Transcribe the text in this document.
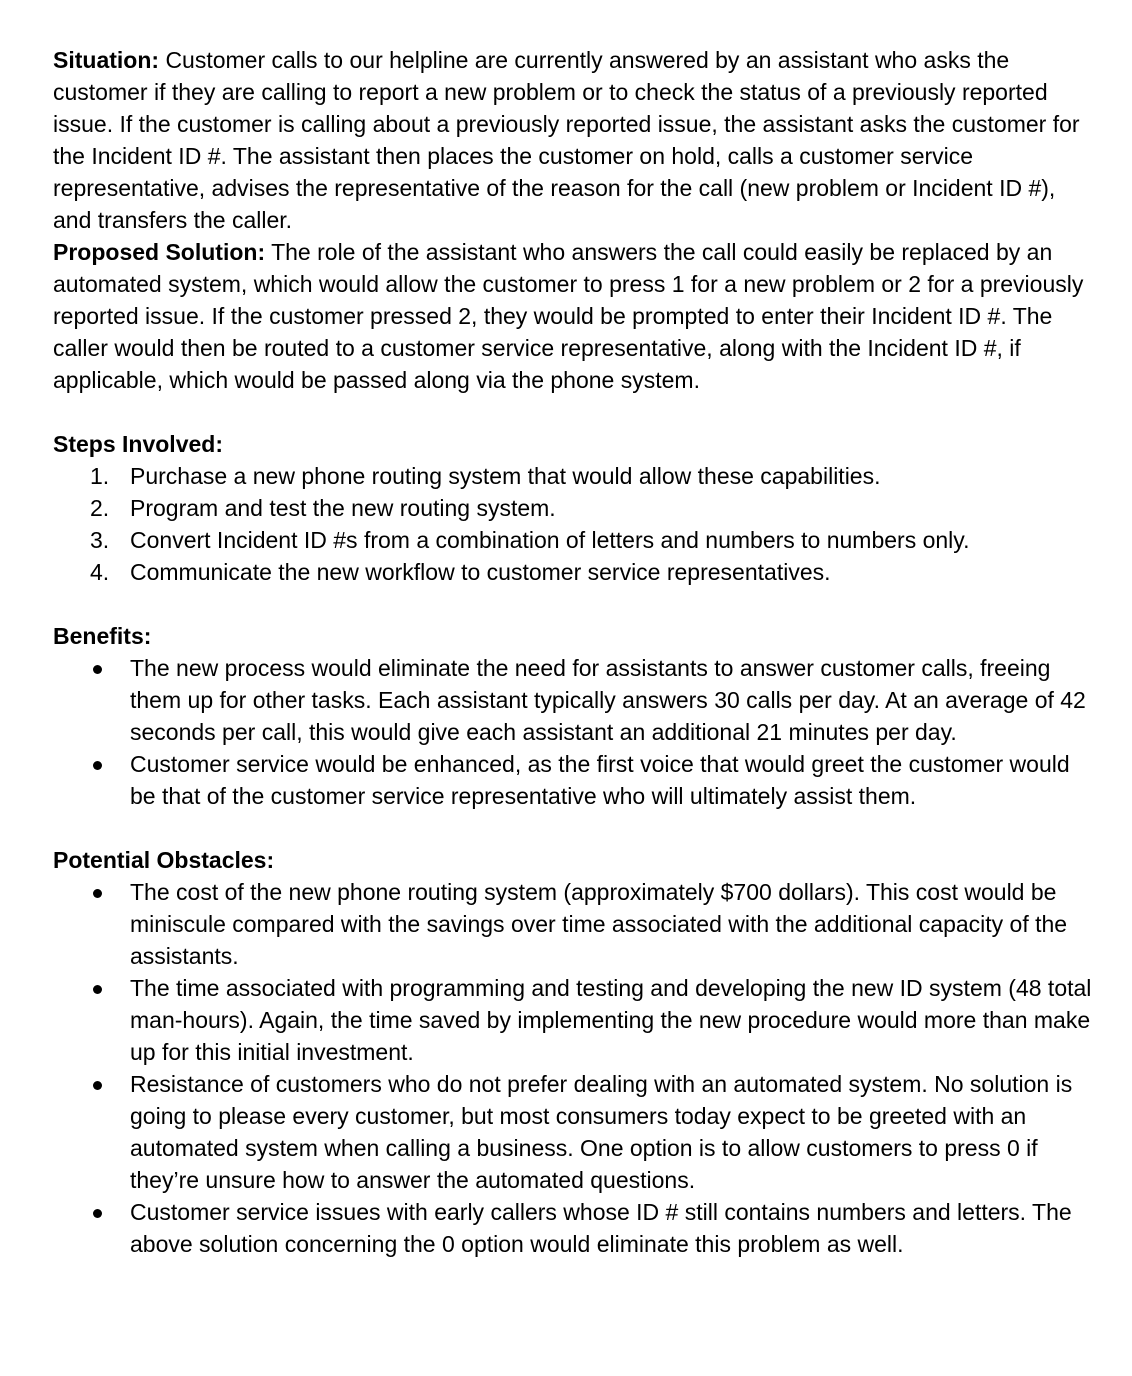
Situation: Customer calls to our helpline are currently answered by an assistant who asks the customer if they are calling to report a new problem or to check the status of a previously reported issue. If the customer is calling about a previously reported issue, the assistant asks the customer for the Incident ID #. The assistant then places the customer on hold, calls a customer service representative, advises the representative of the reason for the call (new problem or Incident ID #), and transfers the caller.

Proposed Solution: The role of the assistant who answers the call could easily be replaced by an automated system, which would allow the customer to press 1 for a new problem or 2 for a previously reported issue. If the customer pressed 2, they would be prompted to enter their Incident ID #. The caller would then be routed to a customer service representative, along with the Incident ID #, if applicable, which would be passed along via the phone system.

Steps Involved:
1. Purchase a new phone routing system that would allow these capabilities.
2. Program and test the new routing system.
3. Convert Incident ID #s from a combination of letters and numbers to numbers only.
4. Communicate the new workflow to customer service representatives.
Benefits:
The new process would eliminate the need for assistants to answer customer calls, freeing them up for other tasks. Each assistant typically answers 30 calls per day. At an average of 42 seconds per call, this would give each assistant an additional 21 minutes per day.
Customer service would be enhanced, as the first voice that would greet the customer would be that of the customer service representative who will ultimately assist them.
Potential Obstacles:
The cost of the new phone routing system (approximately $700 dollars). This cost would be miniscule compared with the savings over time associated with the additional capacity of the assistants.
The time associated with programming and testing and developing the new ID system (48 total man-hours). Again, the time saved by implementing the new procedure would more than make up for this initial investment.
Resistance of customers who do not prefer dealing with an automated system. No solution is going to please every customer, but most consumers today expect to be greeted with an automated system when calling a business. One option is to allow customers to press 0 if they’re unsure how to answer the automated questions.
Customer service issues with early callers whose ID # still contains numbers and letters. The above solution concerning the 0 option would eliminate this problem as well.
